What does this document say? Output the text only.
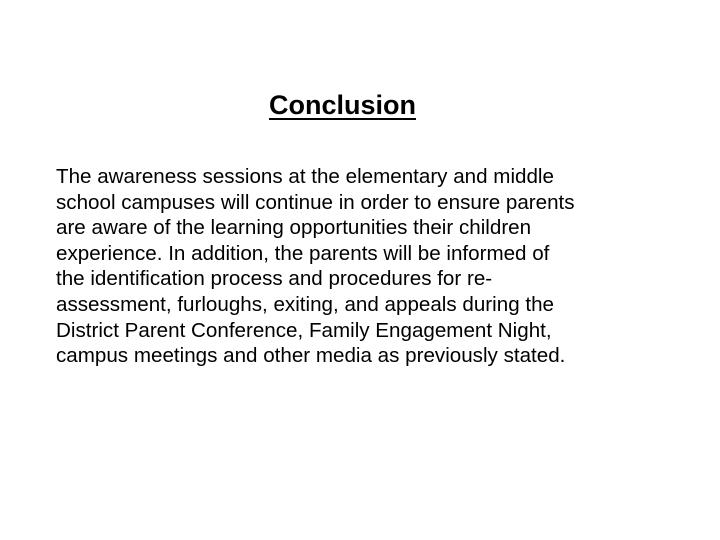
Conclusion

The awareness sessions at the elementary and middle
school campuses will continue in order to ensure parents
are aware of the learning opportunities their children
experience. In addition, the parents will be informed of
the identification process and procedures for re-
assessment, furloughs, exiting, and appeals during the
District Parent Conference, Family Engagement Night,
campus meetings and other media as previously stated.
